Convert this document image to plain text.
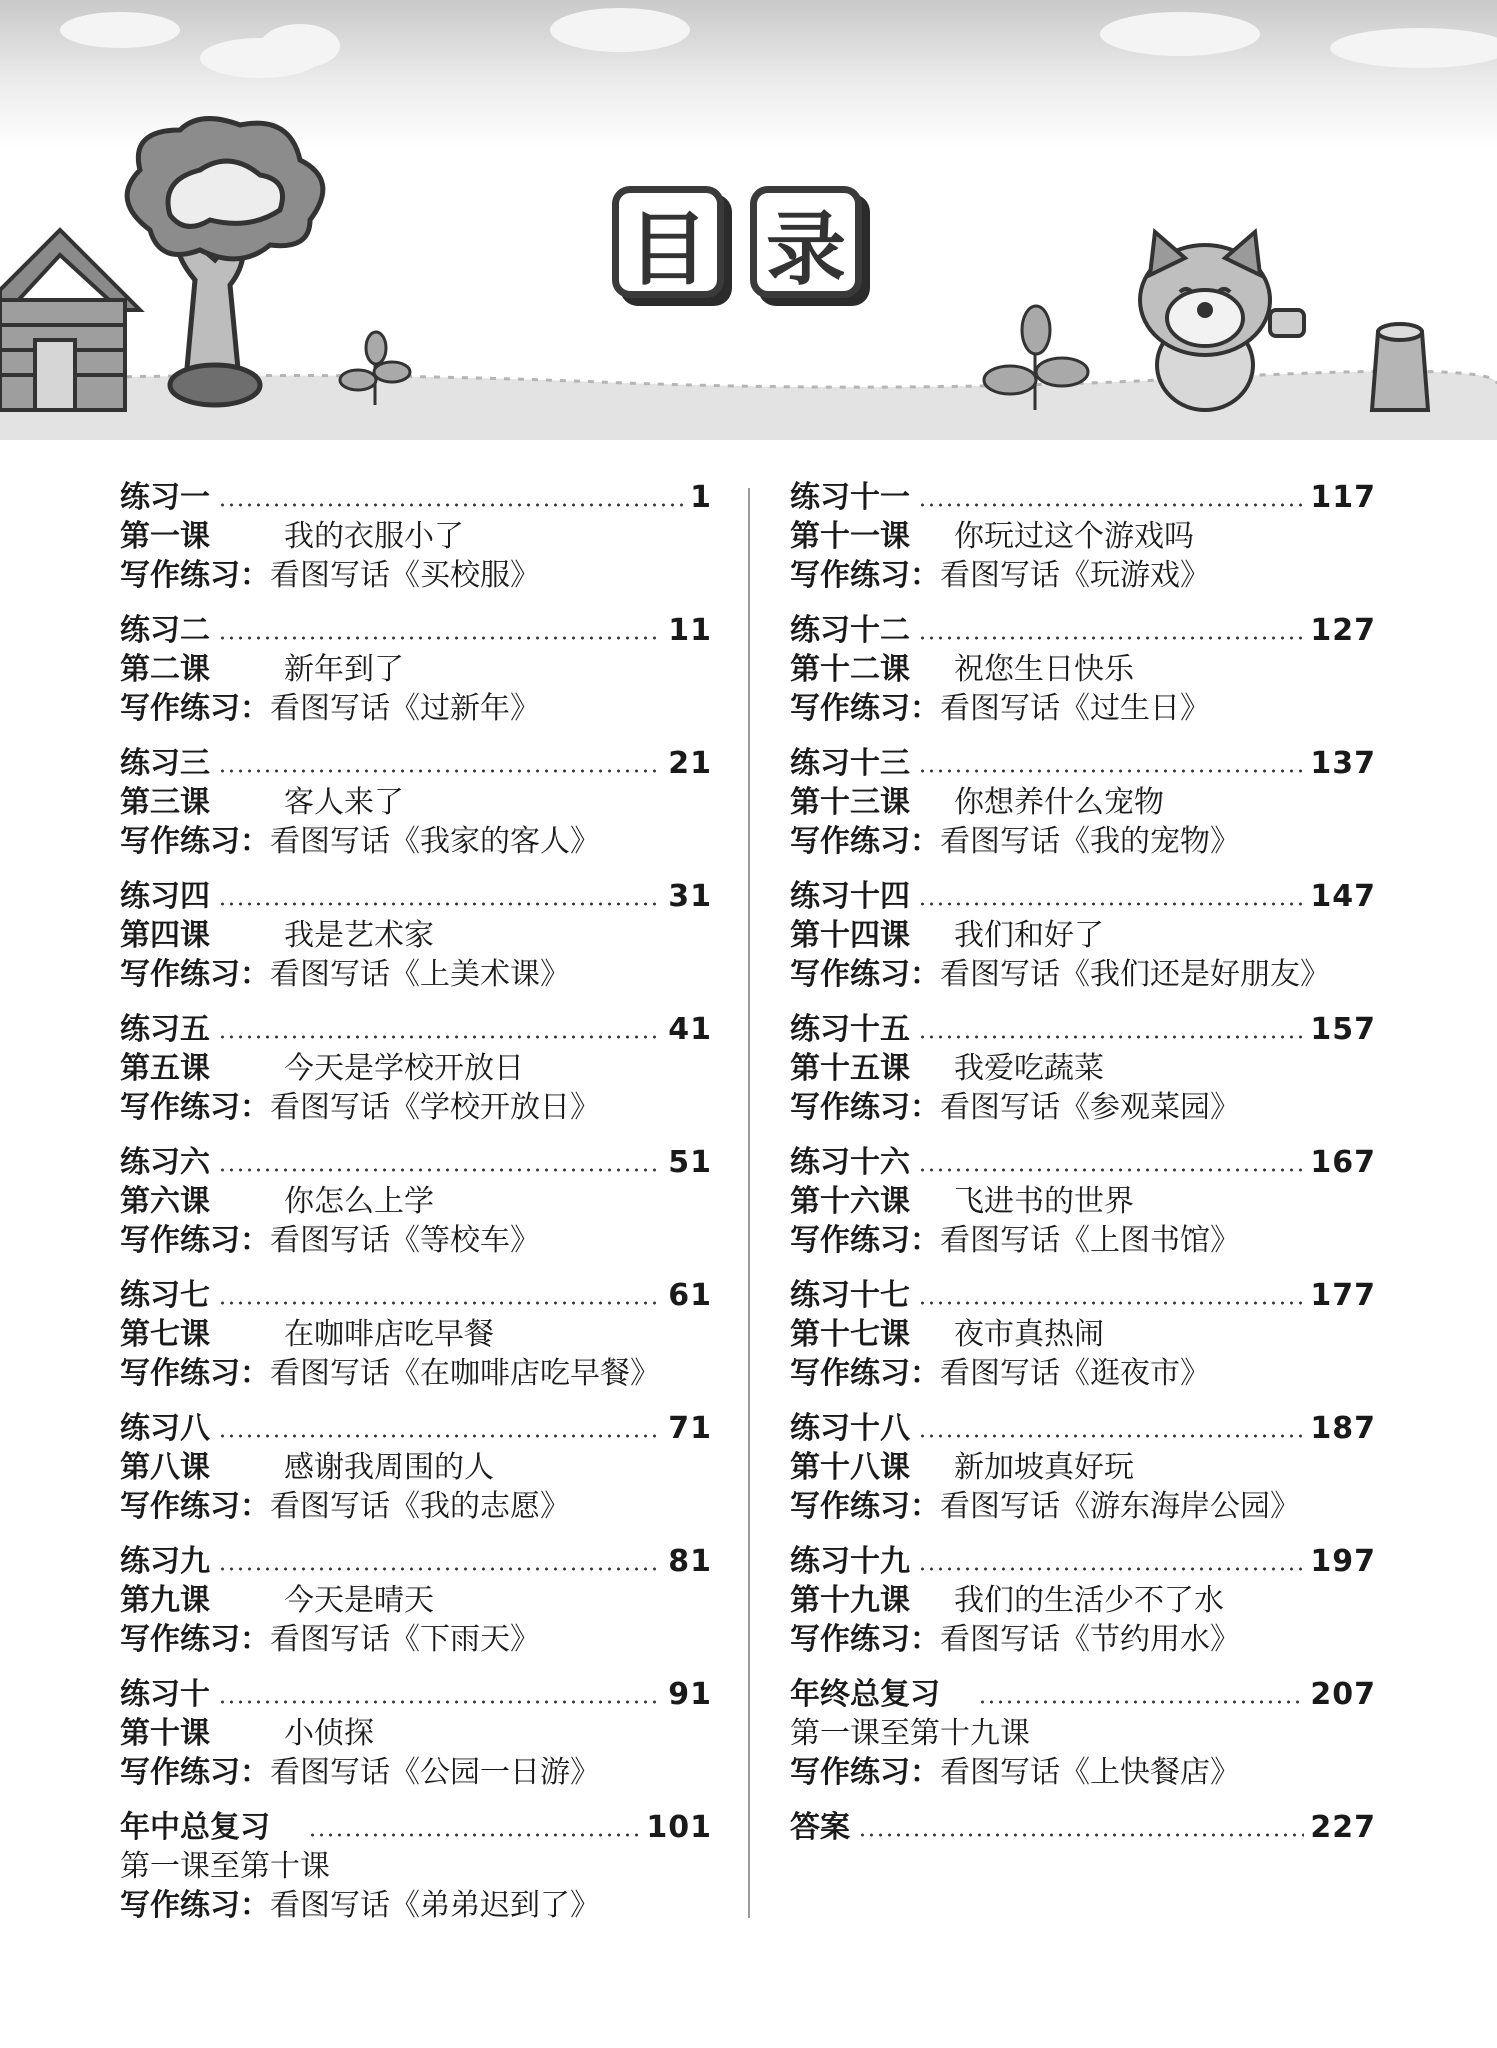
目 录
练习一	1
第一课	我的衣服小了
写作练习 ： 看图写话 《买校服》
练习二	11
第二课	新年到了
写作练习 ： 看图写话 《过新年》
练习三	21
第三课	客人来了
写作练习 ： 看图写话 《我家的客人》
练习四	31
第四课	我是艺术家
写作练习 ： 看图写话 《上美术课》
练习五	41
第五课	今天是学校开放日
写作练习 ： 看图写话 《学校开放日》
练习六	51
第六课	你怎么上学
写作练习 ： 看图写话 《等校车》
练习七	61
第七课	在咖啡店吃早餐
写作练习 ： 看图写话 《在咖啡店吃早餐》
练习八	71
第八课	感谢我周围的人
写作练习 ： 看图写话 《我的志愿》
练习九	81
第九课	今天是晴天
写作练习 ： 看图写话 《下雨天》
练习十	91
第十课	小侦探
写作练习 ： 看图写话 《公园一日游》
年中总复习	101
第一课至第十课
写作练习 ： 看图写话 《弟弟迟到了》
练习十一	117
第十一课	你玩过这个游戏吗
写作练习 ： 看图写话 《玩游戏》
练习十二	127
第十二课	祝您生日快乐
写作练习 ： 看图写话 《过生日》
练习十三	137
第十三课	你想养什么宠物
写作练习 ： 看图写话 《我的宠物》
练习十四	147
第十四课	我们和好了
写作练习 ： 看图写话 《我们还是好朋友》
练习十五	157
第十五课	我爱吃蔬菜
写作练习 ： 看图写话 《参观菜园》
练习十六	167
第十六课	飞进书的世界
写作练习 ： 看图写话 《上图书馆》
练习十七	177
第十七课	夜市真热闹
写作练习 ： 看图写话 《逛夜市》
练习十八	187
第十八课	新加坡真好玩
写作练习 ： 看图写话 《游东海岸公园》
练习十九	197
第十九课	我们的生活少不了水
写作练习 ： 看图写话 《节约用水》
年终总复习	207
第一课至第十九课
写作练习 ： 看图写话 《上快餐店》
答案	227
